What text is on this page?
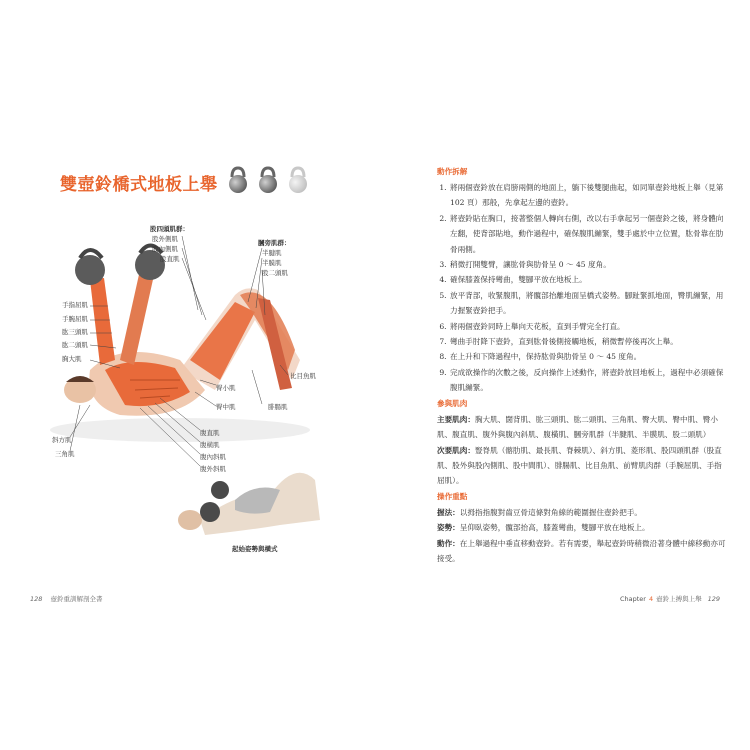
雙壺鈴橋式地板上舉
股四頭肌群：
股外側肌
股內側肌
股直肌
膕旁肌群：
半腱肌
半膜肌
股二頭肌
手指屈肌
手腕屈肌
肱三頭肌
肱二頭肌
胸大肌
比目魚肌
腓腸肌
臀小肌
臀中肌
腹直肌
腹橫肌
腹內斜肌
腹外斜肌
斜方肌
三角肌
起始姿勢與橫式
128 壺鈴重訓解剖全書
動作拆解
1. 將兩個壺鈴放在肩膀兩側的地面上，躺下後雙腿曲起，如同單壺鈴地板上舉（見第 102 頁）那般，先拿起左邊的壺鈴。
2. 將壺鈴貼在胸口，接著整個人轉向右側，改以右手拿起另一個壺鈴之後，將身體向左翻，使背部貼地，動作過程中，確保腹肌繃緊，雙手處於中立位置，肱骨靠在肋骨兩側。
3. 稍微打開雙臂，讓肱骨與肋骨呈 0 ～ 45 度角。
4. 確保膝蓋保持彎曲，雙腳平放在地板上。
5. 放平背部，收緊腹肌，將髖部抬離地面呈橋式姿勢。腳趾緊抓地面，臀肌繃緊，用力握緊壺鈴把手。
6. 將兩個壺鈴同時上舉向天花板，直到手臂完全打直。
7. 彎曲手肘降下壺鈴，直到肱骨後側接觸地板，稍微暫停後再次上舉。
8. 在上升和下降過程中，保持肱骨與肋骨呈 0 ～ 45 度角。
9. 完成欲操作的次數之後，反向操作上述動作，將壺鈴放回地板上，過程中必須確保腹肌繃緊。
參與肌肉

主要肌肉：胸大肌、闊背肌、肱三頭肌、肱二頭肌、三角肌、臀大肌、臀中肌、臀小肌、腹直肌、腹外與腹內斜肌、腹橫肌、膕旁肌群（半腱肌、半膜肌、股二頭肌）

次要肌肉：豎脊肌（髂肋肌、最長肌、脊棘肌）、斜方肌、菱形肌、股四頭肌群（股直肌、股外與股內側肌、股中間肌）、腓腸肌、比目魚肌、前臂肌肉群（手腕屈肌、手指屈肌）。

操作重點

握法：以拇指指腹對齒豆骨這條對角線的範圍握住壺鈴把手。

姿勢：呈仰臥姿勢，髖部抬高，膝蓋彎曲，雙腳平放在地板上。

動作：在上舉過程中垂直移動壺鈴。若有需要，舉起壺鈴時稍微沿著身體中線移動亦可接受。

Chapter 4 壺鈴上搏與上舉 129
